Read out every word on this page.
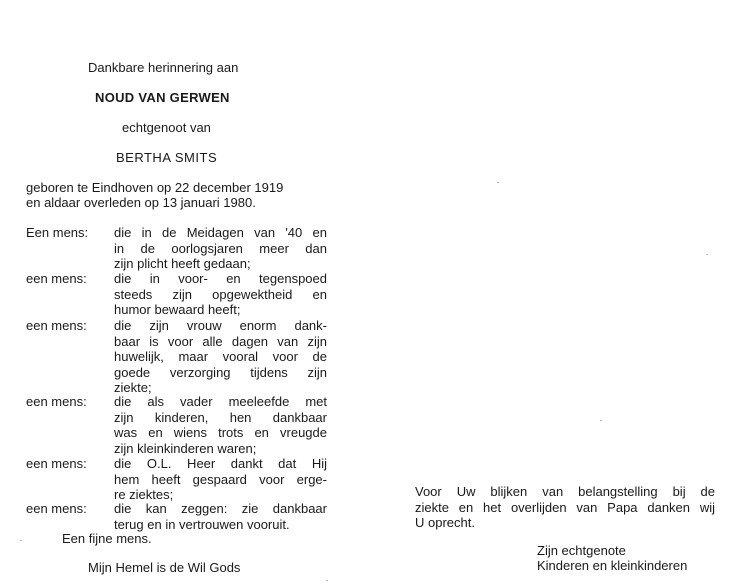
Dankbare herinnering aan
NOUD VAN GERWEN
echtgenoot van
BERTHA SMITS
geboren te Eindhoven op 22 december 1919
en aldaar overleden op 13 januari 1980.
Een mens:	die in de Meidagen van '40 en
in de oorlogsjaren meer dan
zijn plicht heeft gedaan;
een mens:	die in voor- en tegenspoed
steeds zijn opgewektheid en
humor bewaard heeft;
een mens:	die zijn vrouw enorm dank-
baar is voor alle dagen van zijn
huwelijk, maar vooral voor de
goede verzorging tijdens zijn
ziekte;
een mens:	die als vader meeleefde met
zijn kinderen, hen dankbaar
was en wiens trots en vreugde
zijn kleinkinderen waren;
een mens:	die O.L. Heer dankt dat Hij
hem heeft gespaard voor erge-
re ziektes;
een mens:	die kan zeggen: zie dankbaar
terug en in vertrouwen vooruit.
Een fijne mens.
Mijn Hemel is de Wil Gods
Voor Uw blijken van belangstelling bij de
ziekte en het overlijden van Papa danken wij
U oprecht.
Zijn echtgenote
Kinderen en kleinkinderen
